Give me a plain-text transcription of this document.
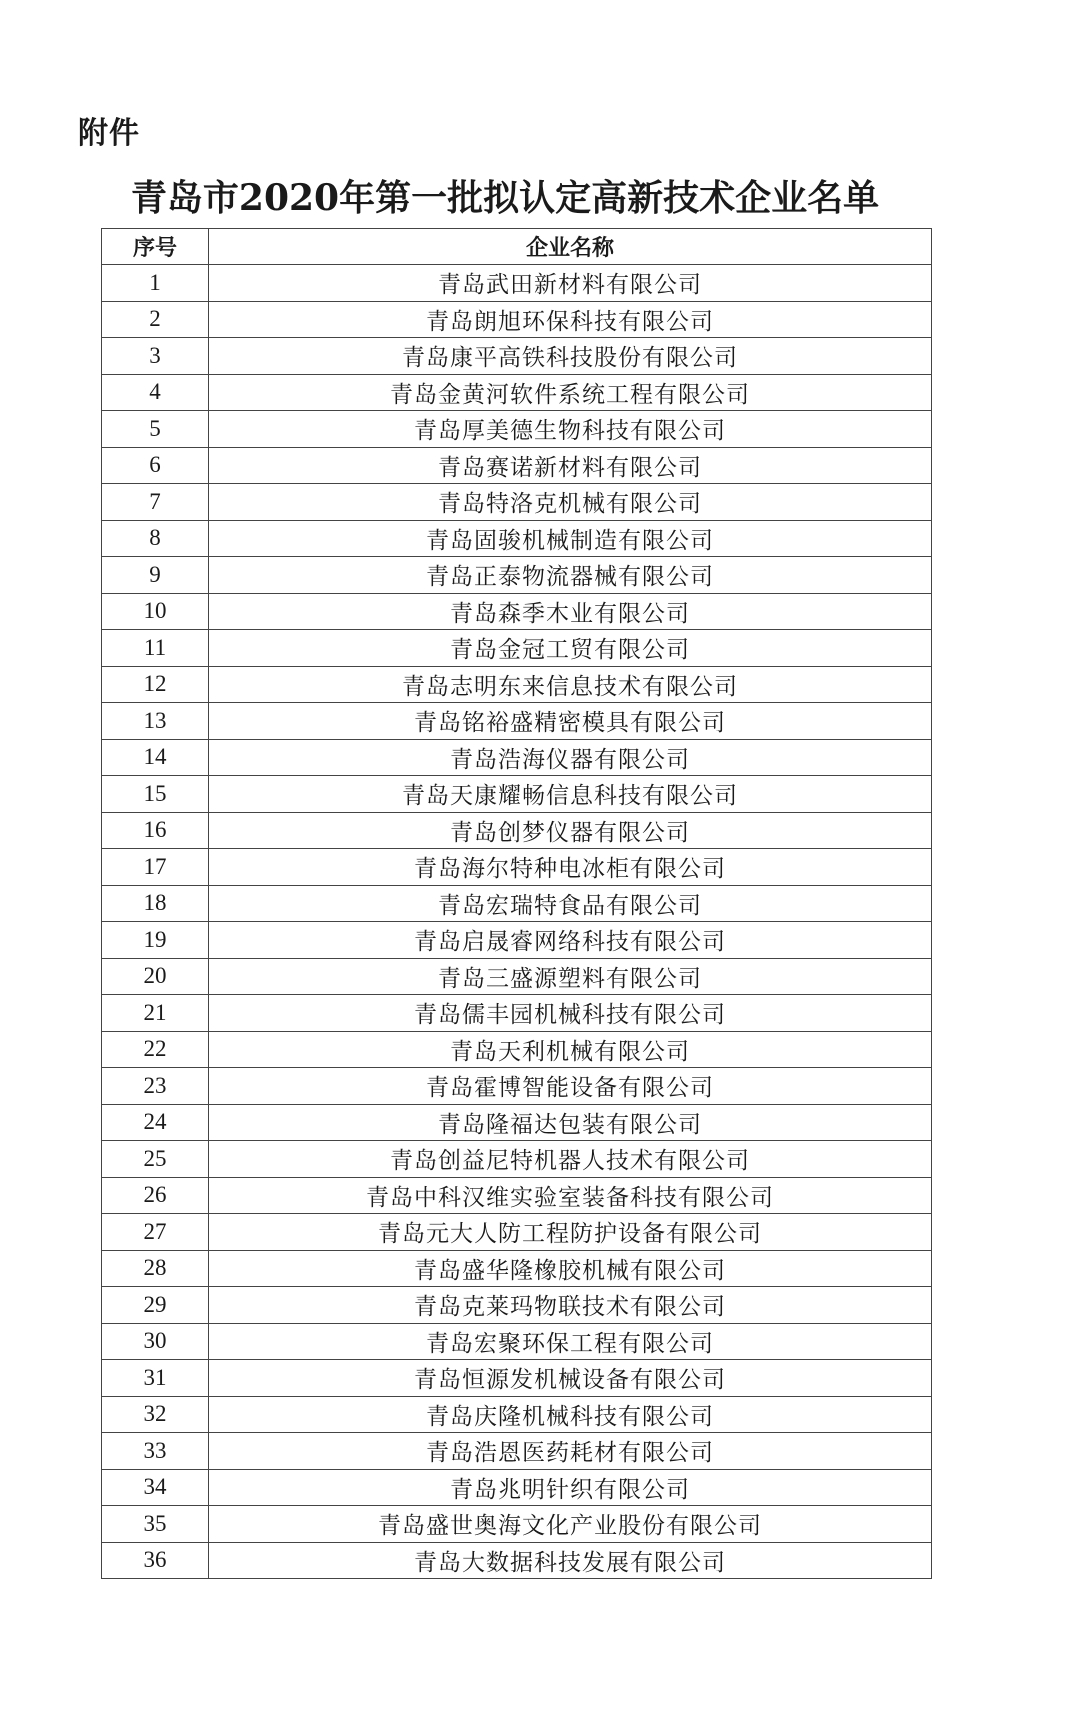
附件
青岛市2020年第一批拟认定高新技术企业名单
序号	企业名称
1	青岛武田新材料有限公司
2	青岛朗旭环保科技有限公司
3	青岛康平高铁科技股份有限公司
4	青岛金黄河软件系统工程有限公司
5	青岛厚美德生物科技有限公司
6	青岛赛诺新材料有限公司
7	青岛特洛克机械有限公司
8	青岛固骏机械制造有限公司
9	青岛正泰物流器械有限公司
10	青岛森季木业有限公司
11	青岛金冠工贸有限公司
12	青岛志明东来信息技术有限公司
13	青岛铭裕盛精密模具有限公司
14	青岛浩海仪器有限公司
15	青岛天康耀畅信息科技有限公司
16	青岛创梦仪器有限公司
17	青岛海尔特种电冰柜有限公司
18	青岛宏瑞特食品有限公司
19	青岛启晟睿网络科技有限公司
20	青岛三盛源塑料有限公司
21	青岛儒丰园机械科技有限公司
22	青岛天利机械有限公司
23	青岛霍博智能设备有限公司
24	青岛隆福达包装有限公司
25	青岛创益尼特机器人技术有限公司
26	青岛中科汉维实验室装备科技有限公司
27	青岛元大人防工程防护设备有限公司
28	青岛盛华隆橡胶机械有限公司
29	青岛克莱玛物联技术有限公司
30	青岛宏聚环保工程有限公司
31	青岛恒源发机械设备有限公司
32	青岛庆隆机械科技有限公司
33	青岛浩恩医药耗材有限公司
34	青岛兆明针织有限公司
35	青岛盛世奥海文化产业股份有限公司
36	青岛大数据科技发展有限公司
